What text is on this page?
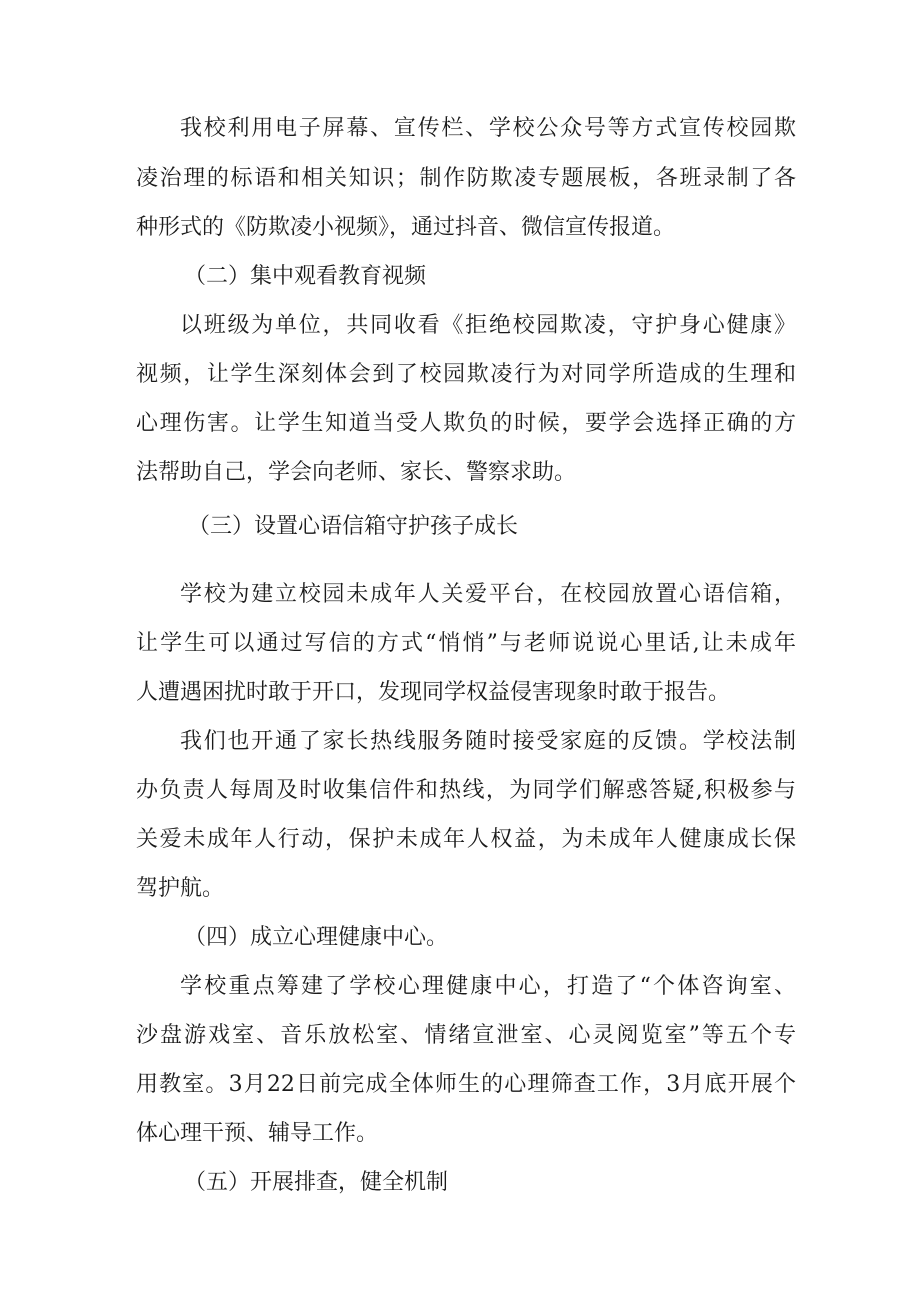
我校利用电子屏幕、宣传栏、学校公众号等方式宣传校园欺
凌治理的标语和相关知识；制作防欺凌专题展板，各班录制了各
种形式的《防欺凌小视频》，通过抖音、微信宣传报道。
（二）集中观看教育视频
以班级为单位，共同收看《拒绝校园欺凌，守护身心健康》
视频，让学生深刻体会到了校园欺凌行为对同学所造成的生理和
心理伤害。让学生知道当受人欺负的时候，要学会选择正确的方
法帮助自己，学会向老师、家长、警察求助。
（三）设置心语信箱守护孩子成长
学校为建立校园未成年人关爱平台，在校园放置心语信箱，
让学生可以通过写信的方式“悄悄”与老师说说心里话,让未成年
人遭遇困扰时敢于开口，发现同学权益侵害现象时敢于报告。
我们也开通了家长热线服务随时接受家庭的反馈。学校法制
办负责人每周及时收集信件和热线，为同学们解惑答疑,积极参与
关爱未成年人行动，保护未成年人权益，为未成年人健康成长保
驾护航。
（四）成立心理健康中心。
学校重点筹建了学校心理健康中心，打造了“个体咨询室、
沙盘游戏室、音乐放松室、情绪宣泄室、心灵阅览室”等五个专
用教室。3月22日前完成全体师生的心理筛查工作，3月底开展个
体心理干预、辅导工作。
（五）开展排查，健全机制
